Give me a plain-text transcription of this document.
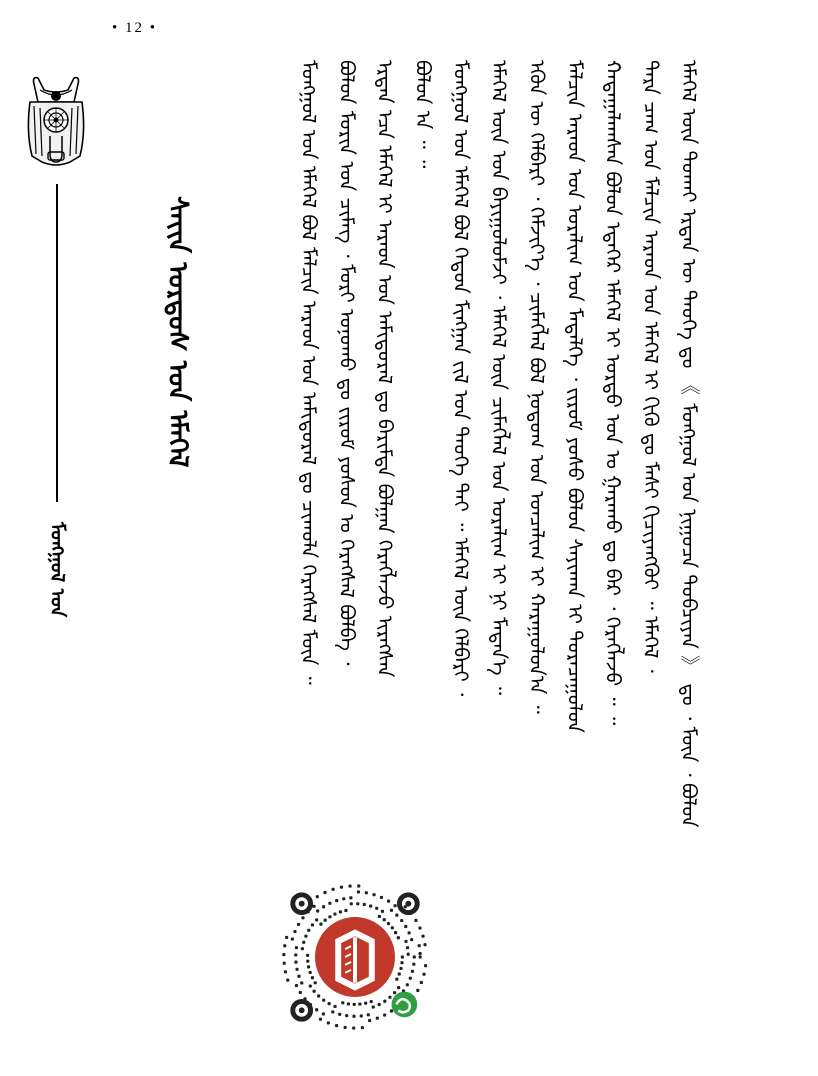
• 12 •
ᠰᠠᠶ᠋ᠢᠨ ᠤᠷᠲᠤᠰ ᠤᠨ ᠡᠮᠡᠭᠡᠯ
ᠮᠤᠩᠭᠤᠯ ᠤᠨ	ᠮᠤᠩᠭᠤᠯ ᠤᠨ ᠡᠮᠡᠭᠡᠯ ᠪᠣᠯ ᠮᠠᠯᠴᠢᠨ ᠠᠷᠠᠳ ᠤᠨ ᠠᠮᠢᠳᠤᠷᠠᠯ ᠳᠤ ᠴᠢᠬᠤᠯᠠ ᠬᠡᠷᠡᠭᠰᠡᠯ ᠮᠥᠨ ᠃ ᠪᠣᠯᠤᠨ ᠮᠤᠷᠢᠨ ᠤᠨ ᠴᠢᠮᠡᠭ ᠂ ᠮᠤᠷᠢ ᠤᠨᠤᠬᠤ ᠳᠤ ᠵᠢᠷᠤᠮ ᠶᠣᠰᠤᠨ ᠤ ᠬᠡᠷᠡᠭᠰᠡᠯ ᠪᠣᠯᠪᠠ ᠂ ᠡᠷᠲᠡᠨ ᠡᠴᠡ ᠡᠮᠡᠭᠡᠯ ᠢ ᠠᠷᠠᠳ ᠤᠨ ᠠᠮᠢᠳᠤᠷᠠᠯ ᠳᠤ ᠪᠠᠷᠢᠮᠲᠠ ᠪᠣᠯᠭᠠᠨ ᠬᠡᠷᠡᠭᠯᠡᠵᠦ ᠢᠷᠡᠭᠰᠡᠨ ᠪᠣᠯᠤᠨ ᠠ ᠃ ᠃ ᠮᠣᠩᠭᠣᠯ ᠤᠨ ᠡᠮᠡᠭᠡᠯ ᠪᠣᠯ ᠬᠡᠳᠦᠨ ᠮᠢᠩᠭᠠᠨ ᠵᠢᠯ ᠤᠨ ᠲᠡᠦᠬᠡ ᠲᠡᠢ ᠃ ᠡᠮᠡᠭᠡᠯ ᠦᠨ ᠬᠡᠯᠪᠡᠷᠢ ᠂ ᠡᠮᠡᠭᠡᠯ ᠦᠨ ᠡᠳ ᠪᠠᠶᠢᠭᠤᠯᠤᠮᠵᠢ ᠂ ᠡᠮᠡᠭᠡᠯ ᠦᠨ ᠴᠢᠮᠡᠭᠯᠡᠯ ᠤᠨ ᠤᠷᠠᠯᠢᠭ ᠢ ᠨᠢ ᠮᠡᠳᠡᠨ᠎ᠡ ᠃ ᠡᠭᠦᠨ ᠦ ᠬᠡᠯᠪᠡᠷᠢ ᠂ ᠬᠡᠮᠵᠢᠶ᠎ᠡ ᠂ ᠴᠢᠮᠡᠭᠯᠡᠯ ᠪᠣᠯ ᠨᠤᠲᠤᠭ ᠤᠨ ᠣᠨᠴᠠᠯᠢᠭ ᠢ ᠬᠠᠷᠠᠭᠤᠯᠤᠨ᠎ᠠ ᠃ ᠮᠠᠯᠴᠢᠨ ᠠᠷᠠᠳ ᠤᠨ ᠤᠷᠠᠯᠢᠭ ᠤᠨ ᠮᠡᠳᠡᠯᠭᠡ ᠂ ᠵᠢᠷᠤᠮ ᠶᠣᠰᠤ ᠪᠣᠯᠤᠨ ᠰᠠᠶᠢᠬᠠᠨ ᠢ ᠲᠣᠷᠠᠴᠠᠭᠤᠯᠤᠨ ᠬᠠᠳᠠᠭᠠᠯᠠᠭᠰᠠᠨ ᠪᠣᠯᠤᠨ ᠡᠳᠡᠭᠡᠷ ᠡᠮᠡᠭᠡᠯ ᠢ ᠤᠷᠲᠤ ᠣᠨ ᠤ ᠭᠠᠷᠠᠬᠤ ᠳᠤ ᠪᠡᠷ ᠂ ᠬᠡᠷᠡᠭᠯᠡᠵᠦ ᠃ ᠃ ᠲᠡᠷᠡ ᠴᠠᠭ ᠤᠨ ᠮᠠᠯᠴᠢᠨ ᠠᠷᠠᠳ ᠤᠨ ᠡᠮᠡᠭᠡᠯ ᠢ ᠬᠢᠬᠦ ᠳᠤ ᠮᠠᠰᠢ ᠬᠢᠴᠢᠶᠡᠩᠭᠦᠢ ᠃ ᠡᠮᠡᠭᠡᠯ ᠂ ᠡᠮᠡᠭᠡᠯ ᠦᠨ ᠲᠤᠬᠠᠢ ᠡᠷᠲᠡᠨ ᠦ ᠲᠡᠦᠬᠡ ᠳᠤ 《 ᠮᠣᠩᠭᠣᠯ ᠤᠨ ᠨᠢᠭᠤᠴᠠ ᠲᠣᠪᠴᠢᠶᠠᠨ 》 ᠳᠤ ᠂ ᠮᠥᠨ ᠂ ᠪᠣᠯᠤᠨ
